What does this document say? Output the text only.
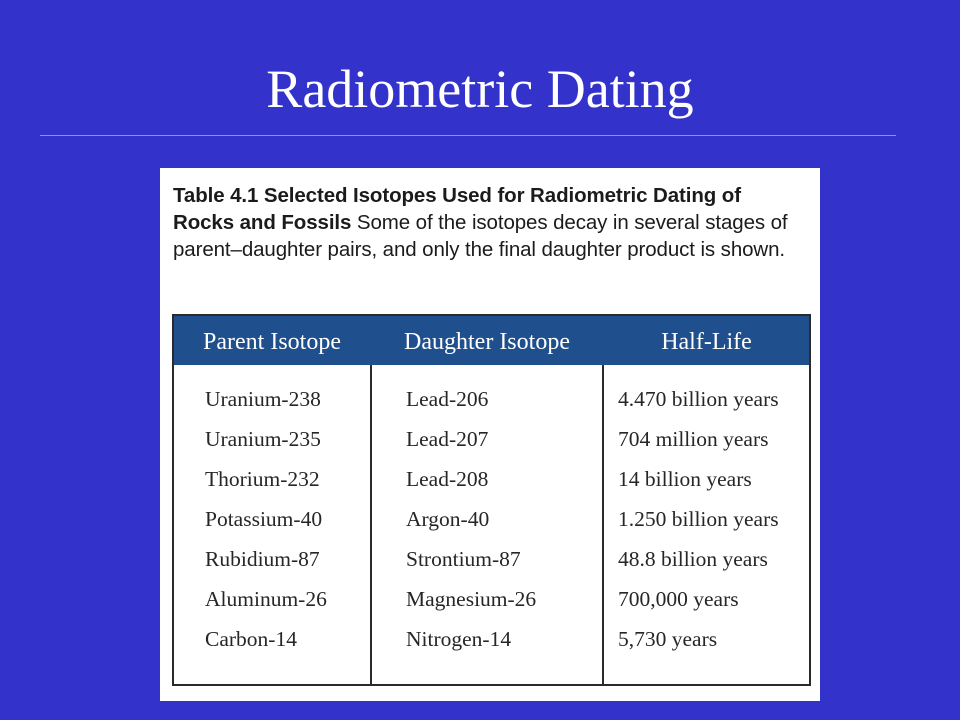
Radiometric Dating
Table 4.1 Selected Isotopes Used for Radiometric Dating of Rocks and Fossils Some of the isotopes decay in several stages of parent–daughter pairs, and only the final daughter product is shown.
Parent Isotope	Daughter Isotope	Half-Life
Uranium-238	Lead-206	4.470 billion years
Uranium-235	Lead-207	704 million years
Thorium-232	Lead-208	14 billion years
Potassium-40	Argon-40	1.250 billion years
Rubidium-87	Strontium-87	48.8 billion years
Aluminum-26	Magnesium-26	700,000 years
Carbon-14	Nitrogen-14	5,730 years
